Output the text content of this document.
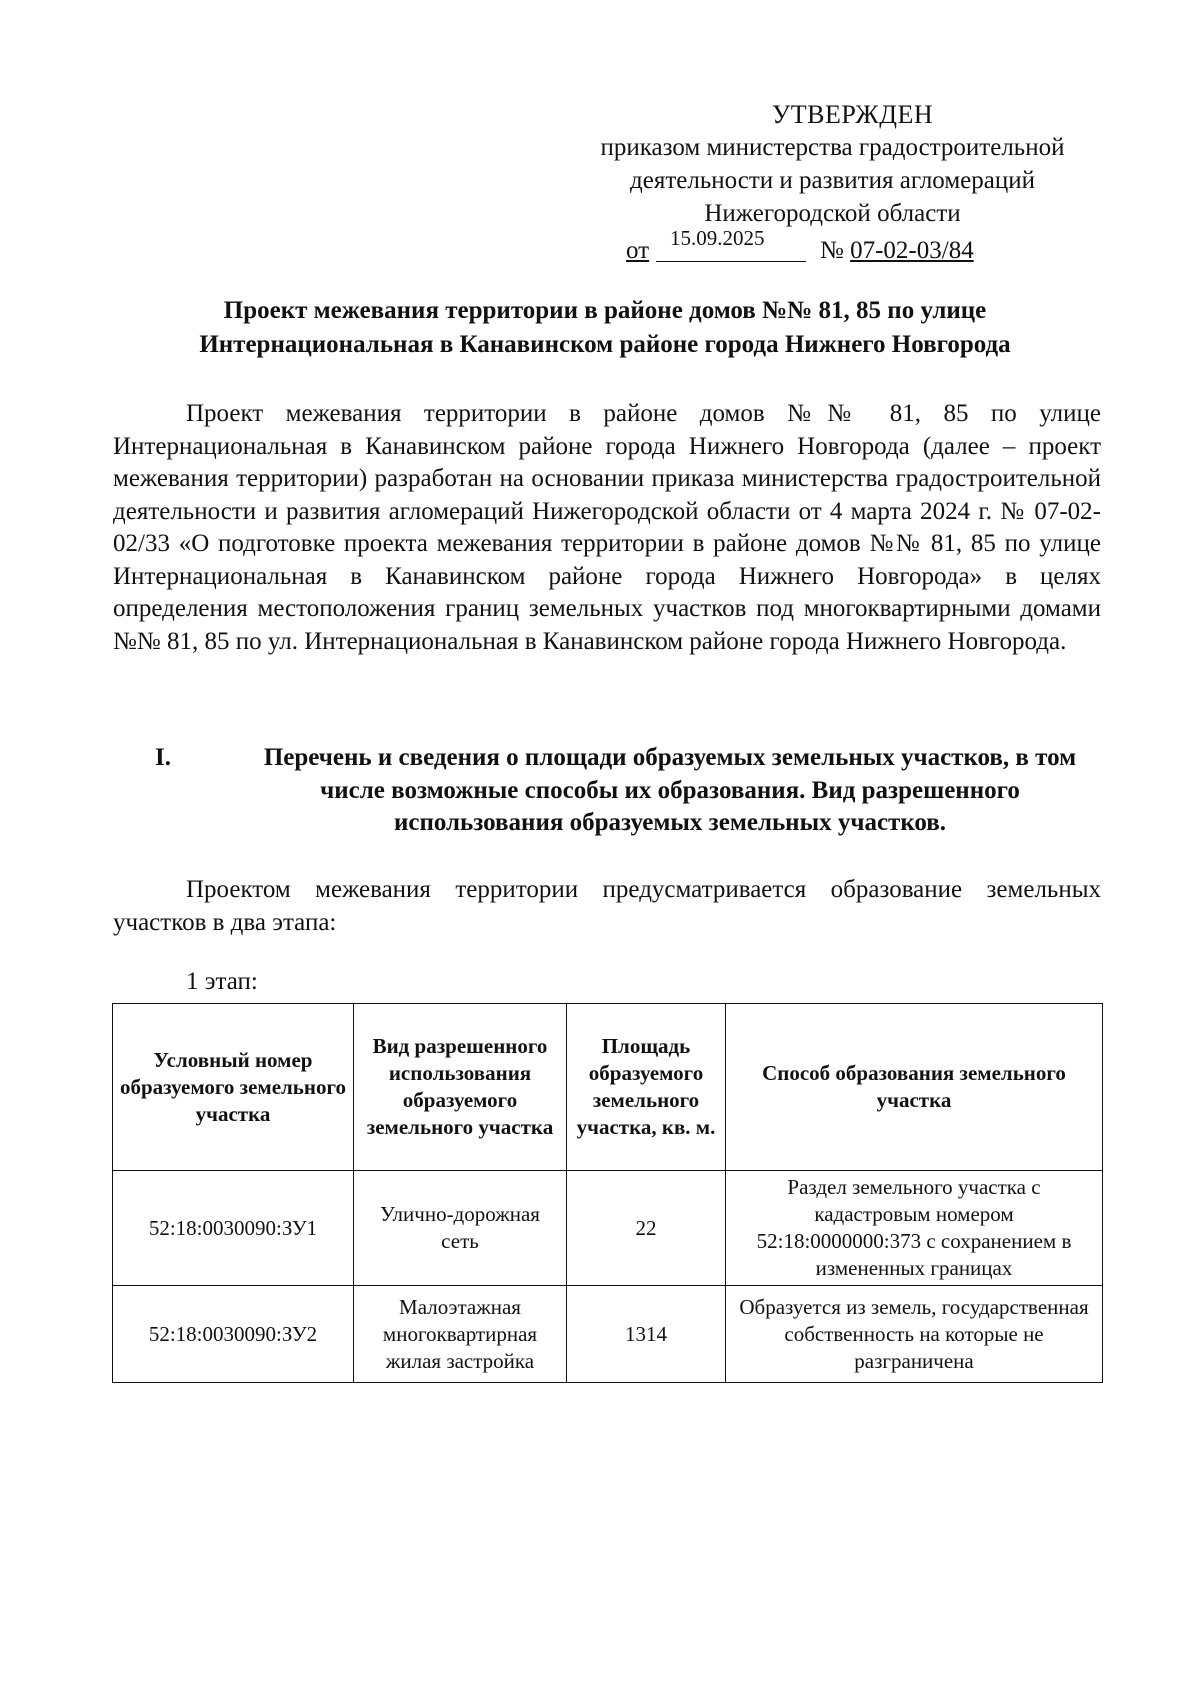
УТВЕРЖДЕН
приказом министерства градостроительной
деятельности и развития агломераций
Нижегородской области
от 15.09.2025 № 07-02-03/84
Проект межевания территории в районе домов №№ 81, 85 по улице
Интернациональная в Канавинском районе города Нижнего Новгорода
Проект межевания территории в районе домов №№ 81, 85 по улице Интернациональная в Канавинском районе города Нижнего Новгорода (далее – проект межевания территории) разработан на основании приказа министерства градостроительной деятельности и развития агломераций Нижегородской области от 4 марта 2024 г. № 07-02-02/33 «О подготовке проекта межевания территории в районе домов №№ 81, 85 по улице Интернациональная в Канавинском районе города Нижнего Новгорода» в целях определения местоположения границ земельных участков под многоквартирными домами №№ 81, 85 по ул. Интернациональная в Канавинском районе города Нижнего Новгорода.
I.	Перечень и сведения о площади образуемых земельных участков, в том числе возможные способы их образования. Вид разрешенного использования образуемых земельных участков.
Проектом межевания территории предусматривается образование земельных участков в два этапа:
1 этап:
Условный номер образуемого земельного участка	Вид разрешенного использования образуемого земельного участка	Площадь образуемого земельного участка, кв. м.	Способ образования земельного участка
52:18:0030090:ЗУ1	Улично-дорожная сеть	22	Раздел земельного участка с кадастровым номером 52:18:0000000:373 с сохранением в измененных границах
52:18:0030090:ЗУ2	Малоэтажная многоквартирная жилая застройка	1314	Образуется из земель, государственная собственность на которые не разграничена
